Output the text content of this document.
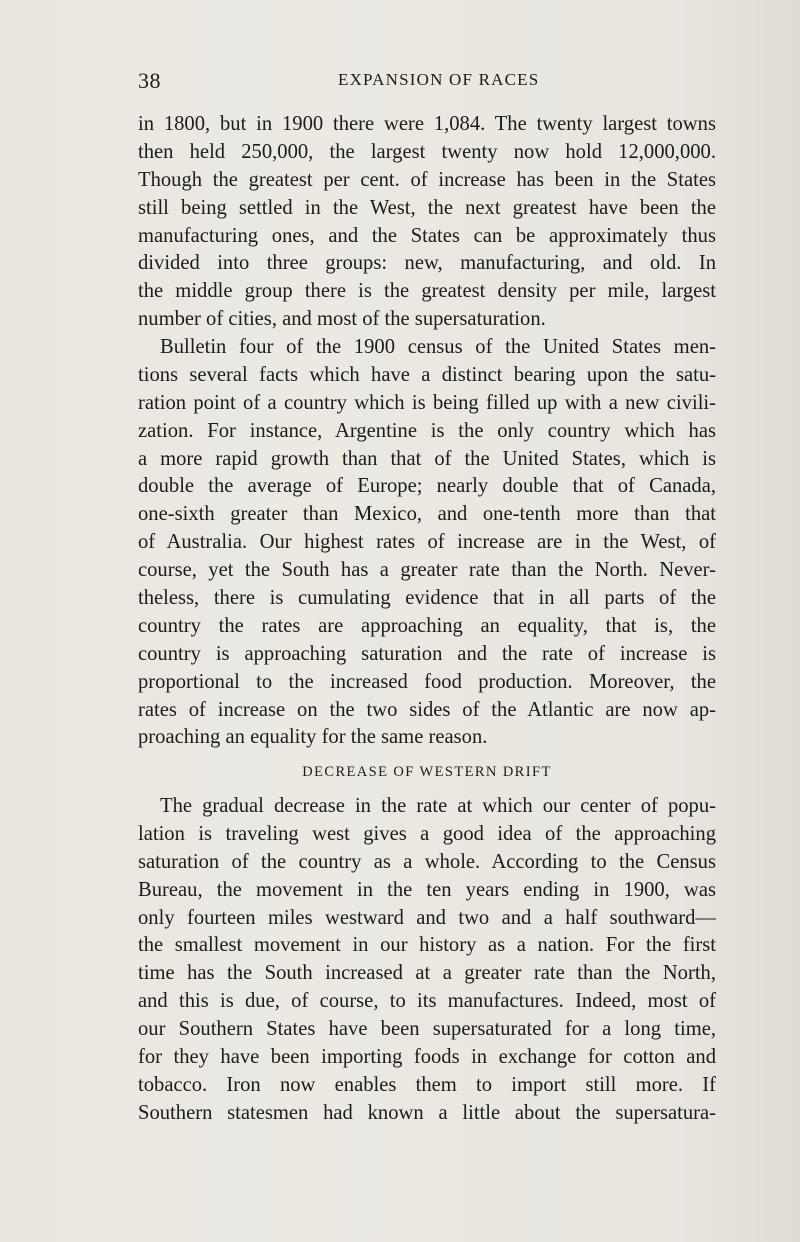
38	EXPANSION OF RACES
in 1800, but in 1900 there were 1,084. The twenty largest towns
then held 250,000, the largest twenty now hold 12,000,000.
Though the greatest per cent. of increase has been in the States
still being settled in the West, the next greatest have been the
manufacturing ones, and the States can be approximately thus
divided into three groups: new, manufacturing, and old. In
the middle group there is the greatest density per mile, largest
number of cities, and most of the supersaturation.
Bulletin four of the 1900 census of the United States men-
tions several facts which have a distinct bearing upon the satu-
ration point of a country which is being filled up with a new civili-
zation. For instance, Argentine is the only country which has
a more rapid growth than that of the United States, which is
double the average of Europe; nearly double that of Canada,
one-sixth greater than Mexico, and one-tenth more than that
of Australia. Our highest rates of increase are in the West, of
course, yet the South has a greater rate than the North. Never-
theless, there is cumulating evidence that in all parts of the
country the rates are approaching an equality, that is, the
country is approaching saturation and the rate of increase is
proportional to the increased food production. Moreover, the
rates of increase on the two sides of the Atlantic are now ap-
proaching an equality for the same reason.
DECREASE OF WESTERN DRIFT
The gradual decrease in the rate at which our center of popu-
lation is traveling west gives a good idea of the approaching
saturation of the country as a whole. According to the Census
Bureau, the movement in the ten years ending in 1900, was
only fourteen miles westward and two and a half southward—
the smallest movement in our history as a nation. For the first
time has the South increased at a greater rate than the North,
and this is due, of course, to its manufactures. Indeed, most of
our Southern States have been supersaturated for a long time,
for they have been importing foods in exchange for cotton and
tobacco. Iron now enables them to import still more. If
Southern statesmen had known a little about the supersatura-
